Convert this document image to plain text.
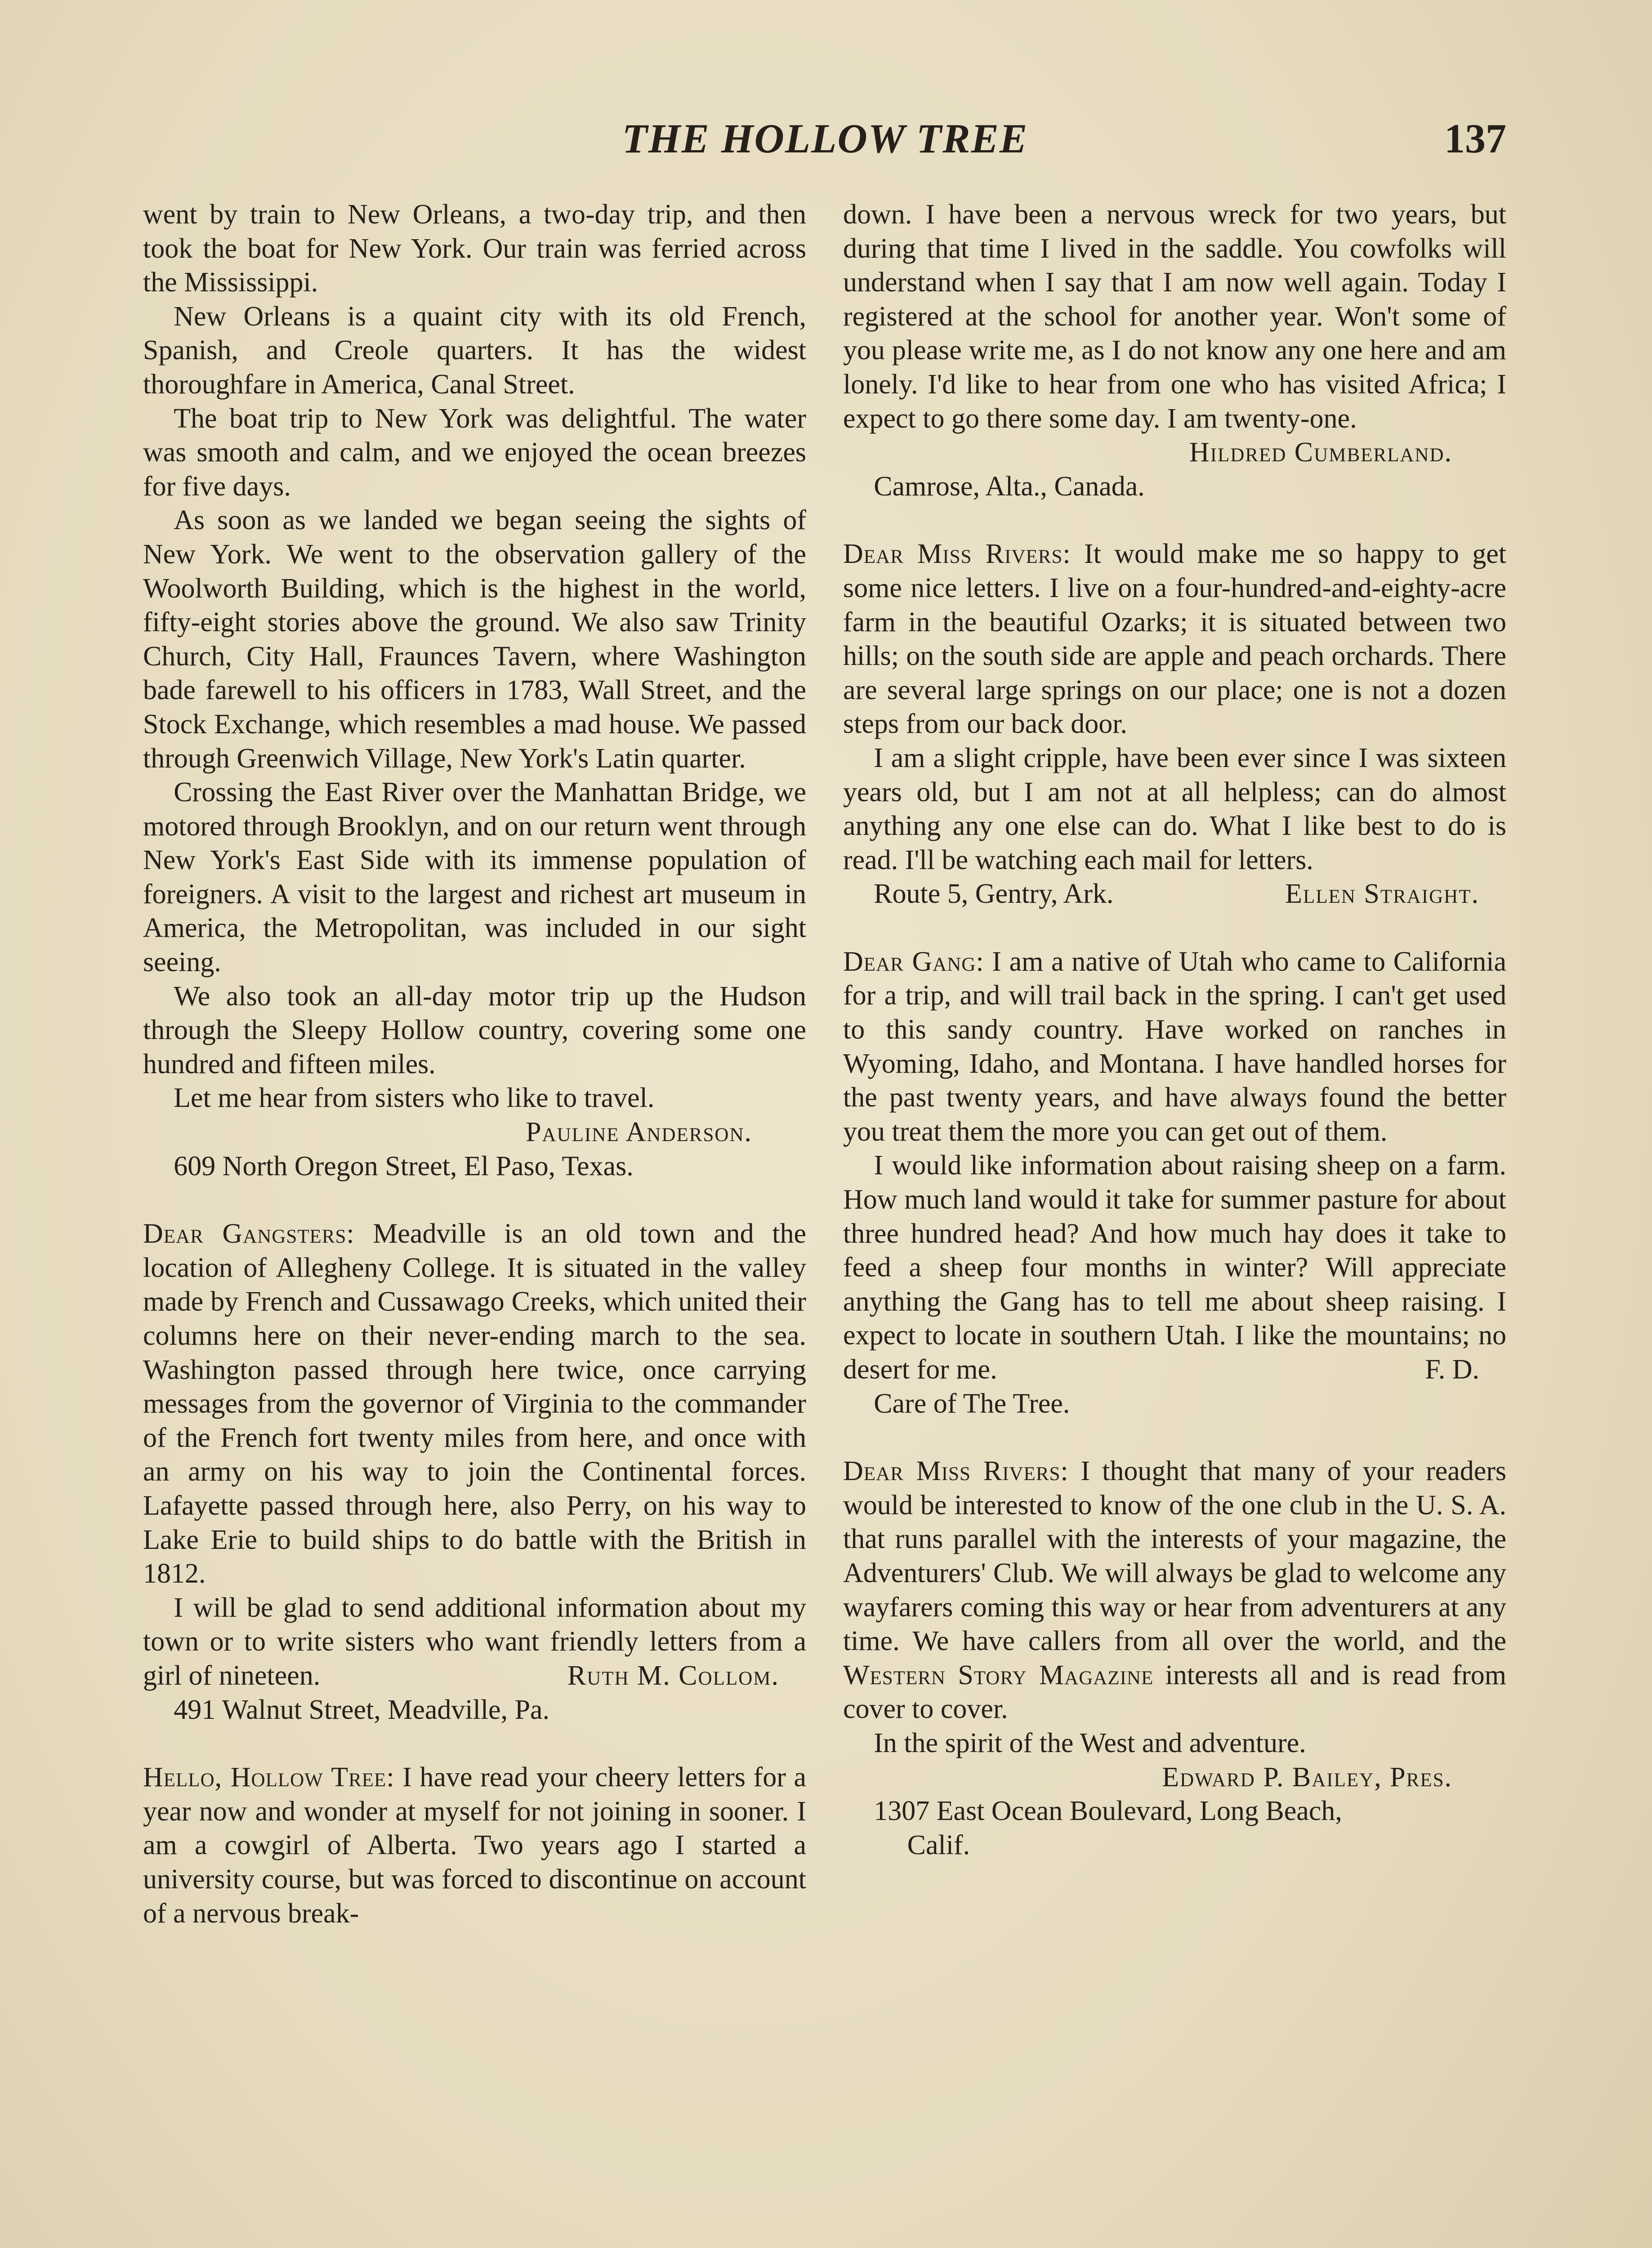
THE HOLLOW TREE	137

went by train to New Orleans, a two-day trip, and then took the boat for New York. Our train was ferried across the Mississippi.

New Orleans is a quaint city with its old French, Spanish, and Creole quarters. It has the widest thoroughfare in America, Canal Street.

The boat trip to New York was delightful. The water was smooth and calm, and we enjoyed the ocean breezes for five days.

As soon as we landed we began seeing the sights of New York. We went to the observation gallery of the Woolworth Building, which is the highest in the world, fifty-eight stories above the ground. We also saw Trinity Church, City Hall, Fraunces Tavern, where Washington bade farewell to his officers in 1783, Wall Street, and the Stock Exchange, which resembles a mad house. We passed through Greenwich Village, New York's Latin quarter.

Crossing the East River over the Manhattan Bridge, we motored through Brooklyn, and on our return went through New York's East Side with its immense population of foreigners. A visit to the largest and richest art museum in America, the Metropolitan, was included in our sight seeing.

We also took an all-day motor trip up the Hudson through the Sleepy Hollow country, covering some one hundred and fifteen miles.

Let me hear from sisters who like to travel.

Pauline Anderson.
609 North Oregon Street, El Paso, Texas.

Dear Gangsters: Meadville is an old town and the location of Allegheny College. It is situated in the valley made by French and Cussawago Creeks, which united their columns here on their never-ending march to the sea. Washington passed through here twice, once carrying messages from the governor of Virginia to the commander of the French fort twenty miles from here, and once with an army on his way to join the Continental forces. Lafayette passed through here, also Perry, on his way to Lake Erie to build ships to do battle with the British in 1812.

I will be glad to send additional information about my town or to write sisters who want friendly letters from a girl of nineteen.	Ruth M. Collom.

491 Walnut Street, Meadville, Pa.

Hello, Hollow Tree: I have read your cheery letters for a year now and wonder at myself for not joining in sooner. I am a cowgirl of Alberta. Two years ago I started a university course, but was forced to discontinue on account of a nervous break-

down. I have been a nervous wreck for two years, but during that time I lived in the saddle. You cowfolks will understand when I say that I am now well again. Today I registered at the school for another year. Won't some of you please write me, as I do not know any one here and am lonely. I'd like to hear from one who has visited Africa; I expect to go there some day. I am twenty-one.

Hildred Cumberland.
Camrose, Alta., Canada.

Dear Miss Rivers: It would make me so happy to get some nice letters. I live on a four-hundred-and-eighty-acre farm in the beautiful Ozarks; it is situated between two hills; on the south side are apple and peach orchards. There are several large springs on our place; one is not a dozen steps from our back door.

I am a slight cripple, have been ever since I was sixteen years old, but I am not at all helpless; can do almost anything any one else can do. What I like best to do is read. I'll be watching each mail for letters.
Ellen Straight.

Route 5, Gentry, Ark.

Dear Gang: I am a native of Utah who came to California for a trip, and will trail back in the spring. I can't get used to this sandy country. Have worked on ranches in Wyoming, Idaho, and Montana. I have handled horses for the past twenty years, and have always found the better you treat them the more you can get out of them.

I would like information about raising sheep on a farm. How much land would it take for summer pasture for about three hundred head? And how much hay does it take to feed a sheep four months in winter? Will appreciate anything the Gang has to tell me about sheep raising. I expect to locate in southern Utah. I like the mountains; no desert for me.	F. D.

Care of The Tree.

Dear Miss Rivers: I thought that many of your readers would be interested to know of the one club in the U. S. A. that runs parallel with the interests of your magazine, the Adventurers' Club. We will always be glad to welcome any wayfarers coming this way or hear from adventurers at any time. We have callers from all over the world, and the Western Story Magazine interests all and is read from cover to cover.

In the spirit of the West and adventure.

Edward P. Bailey, Pres.
1307 East Ocean Boulevard, Long Beach,
Calif.
